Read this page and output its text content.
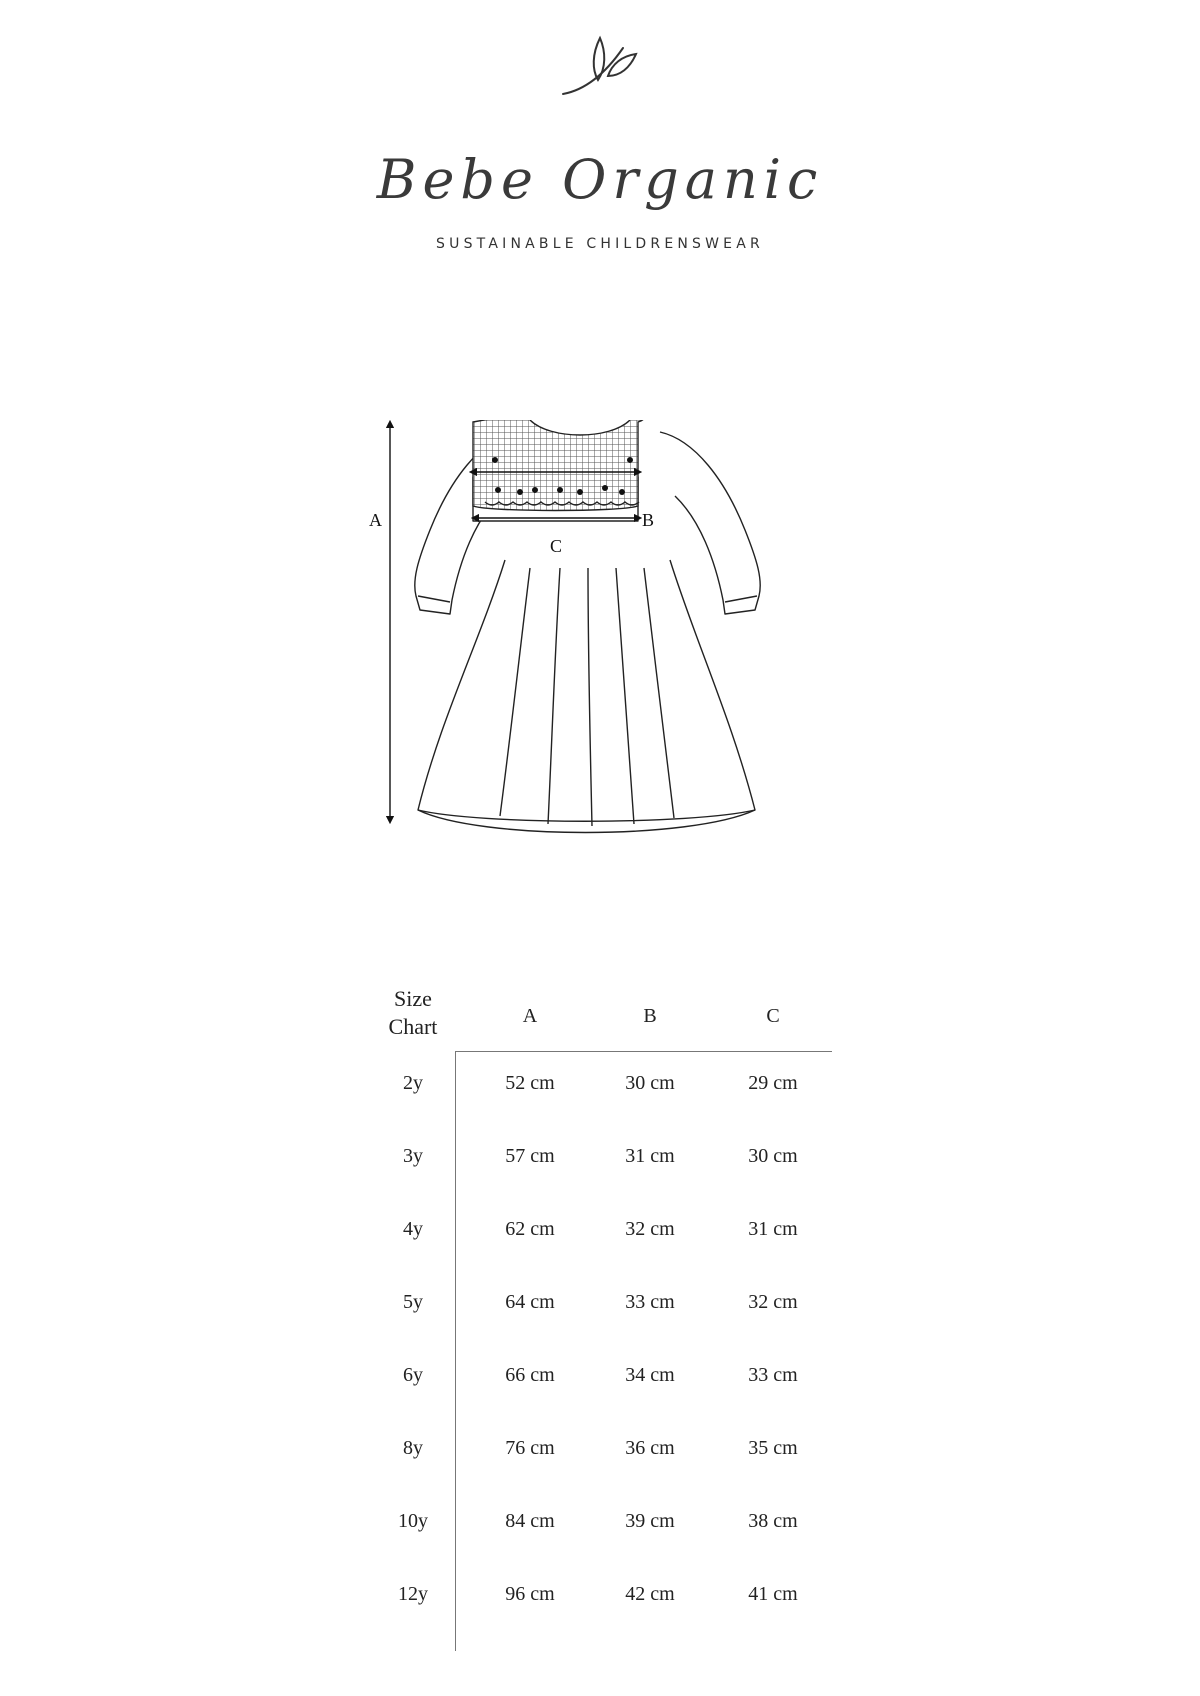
Bebe Organic
SUSTAINABLE CHILDRENSWEAR
A	B
C
Size
Chart	A	B	C
2y	52 cm	30 cm	29 cm
3y	57 cm	31 cm	30 cm
4y	62 cm	32 cm	31 cm
5y	64 cm	33 cm	32 cm
6y	66 cm	34 cm	33 cm
8y	76 cm	36 cm	35 cm
10y	84 cm	39 cm	38 cm
12y	96 cm	42 cm	41 cm
